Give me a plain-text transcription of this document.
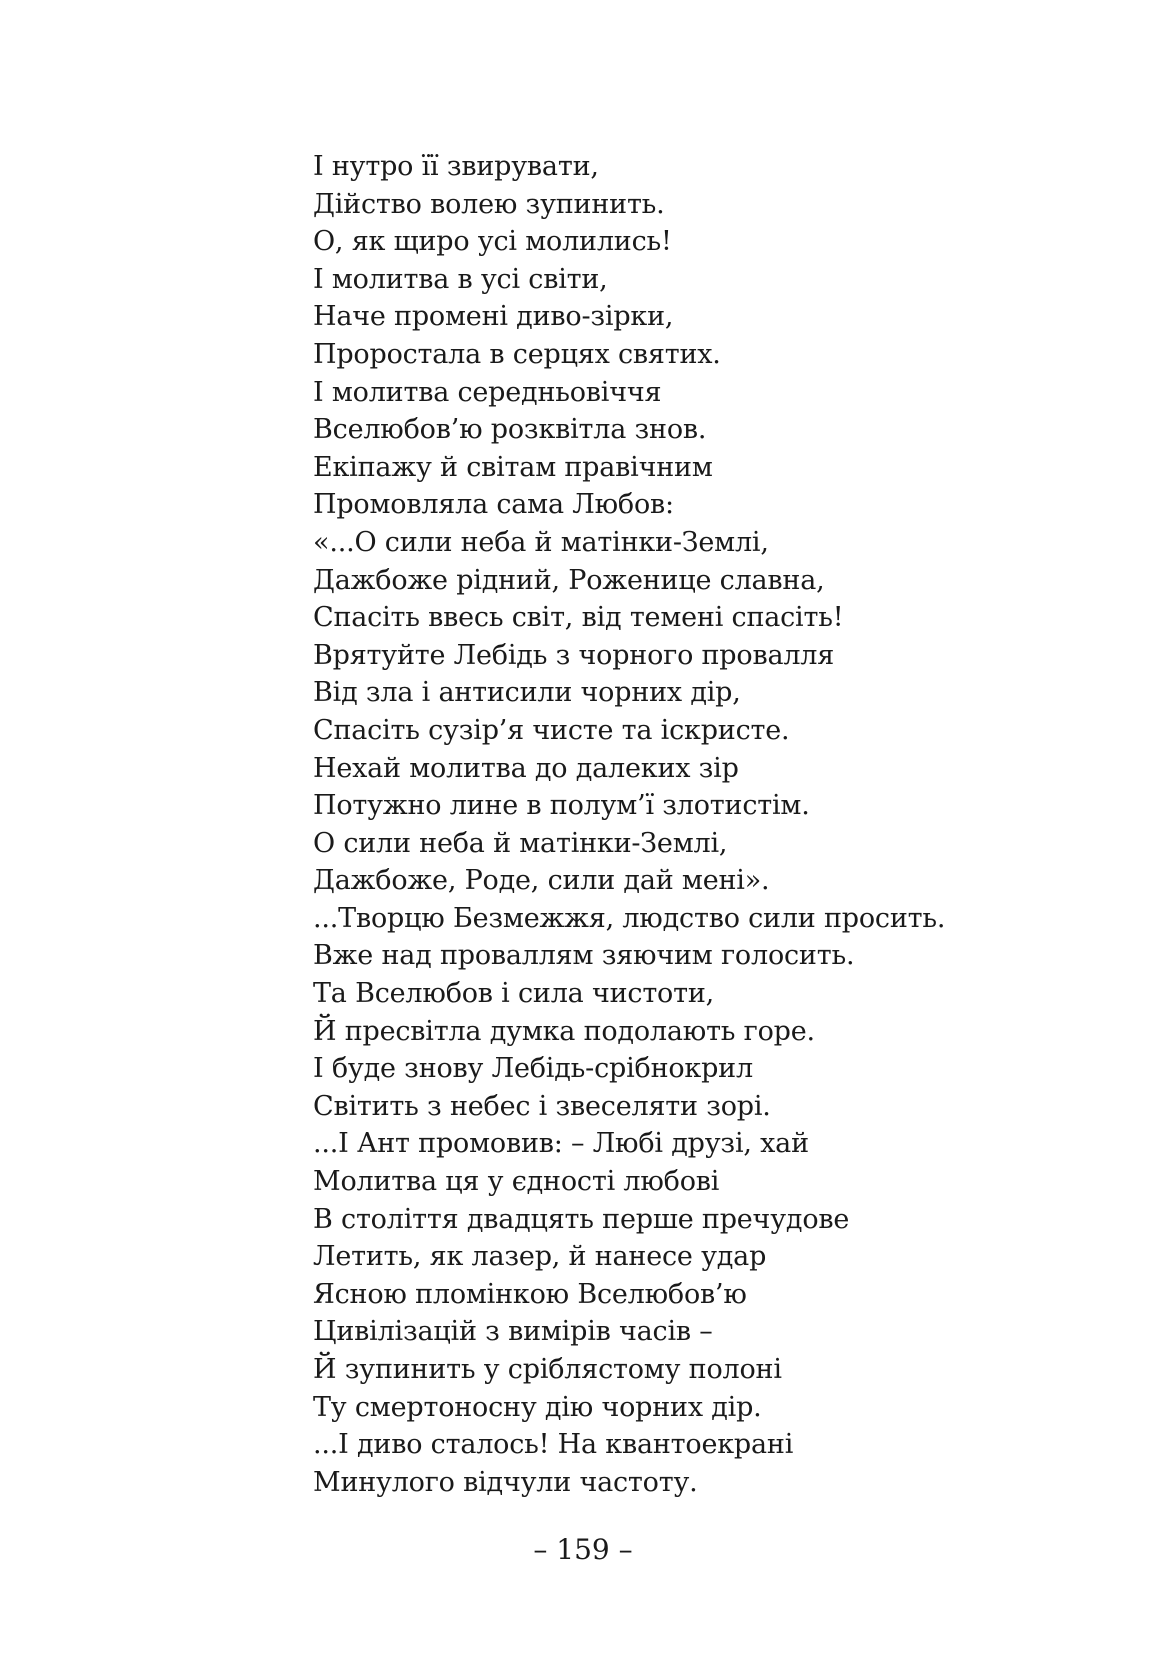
І нутро її звирувати,
Дійство волею зупинить.
О, як щиро усі молились!
І молитва в усі світи,
Наче промені диво-зірки,
Проростала в серцях святих.
І молитва середньовіччя
Вселюбов’ю розквітла знов.
Екіпажу й світам правічним
Промовляла сама Любов:
«...О сили неба й матінки-Землі,
Дажбоже рідний, Роженице славна,
Спасіть ввесь світ, від темені спасіть!
Врятуйте Лебідь з чорного провалля
Від зла і антисили чорних дір,
Спасіть сузір’я чисте та іскристе.
Нехай молитва до далеких зір
Потужно лине в полум’ї злотистім.
О сили неба й матінки-Землі,
Дажбоже, Роде, сили дай мені».
...Творцю Безмежжя, людство сили просить.
Вже над проваллям зяючим голосить.
Та Вселюбов і сила чистоти,
Й пресвітла думка подолають горе.
І буде знову Лебідь-срібнокрил
Світить з небес і звеселяти зорі.
...І Ант промовив: – Любі друзі, хай
Молитва ця у єдності любові
В століття двадцять перше пречудове
Летить, як лазер, й нанесе удар
Ясною пломінкою Вселюбов’ю
Цивілізацій з вимірів часів –
Й зупинить у сріблястому полоні
Ту смертоносну дію чорних дір.
...І диво сталось! На квантоекрані
Минулого відчули частоту.
– 159 –
